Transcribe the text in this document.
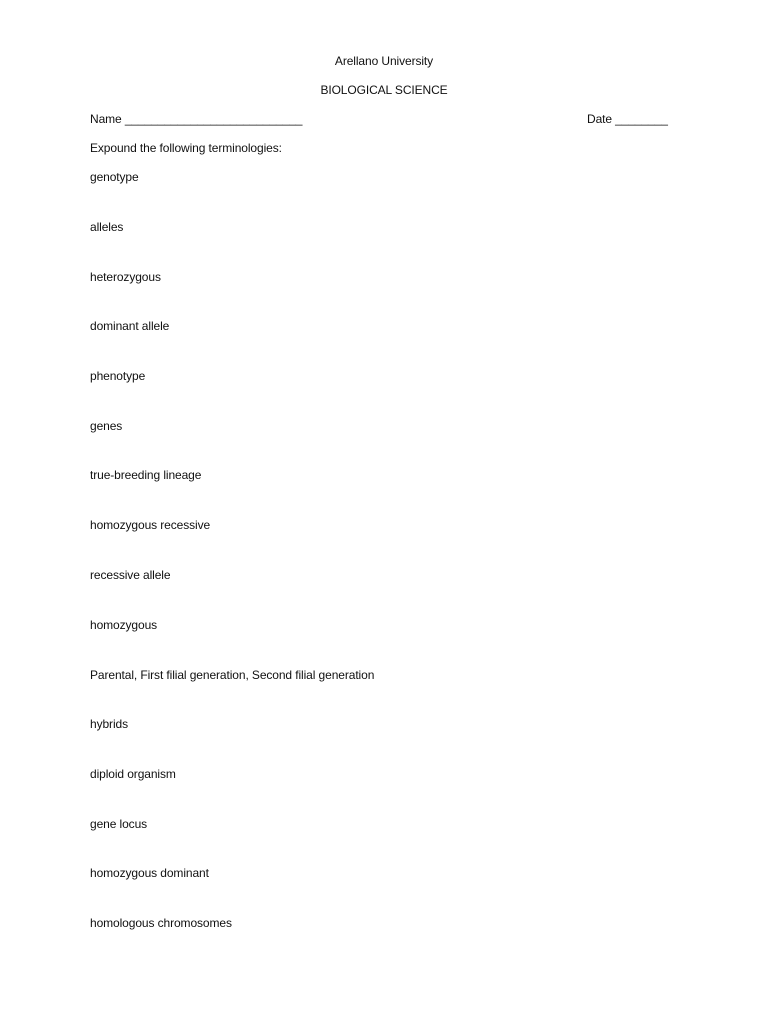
Arellano University
BIOLOGICAL SCIENCE
Name ___________________________	Date ________
Expound the following terminologies:
genotype
alleles
heterozygous
dominant allele
phenotype
genes
true-breeding lineage
homozygous recessive
recessive allele
homozygous
Parental, First filial generation, Second filial generation
hybrids
diploid organism
gene locus
homozygous dominant
homologous chromosomes
